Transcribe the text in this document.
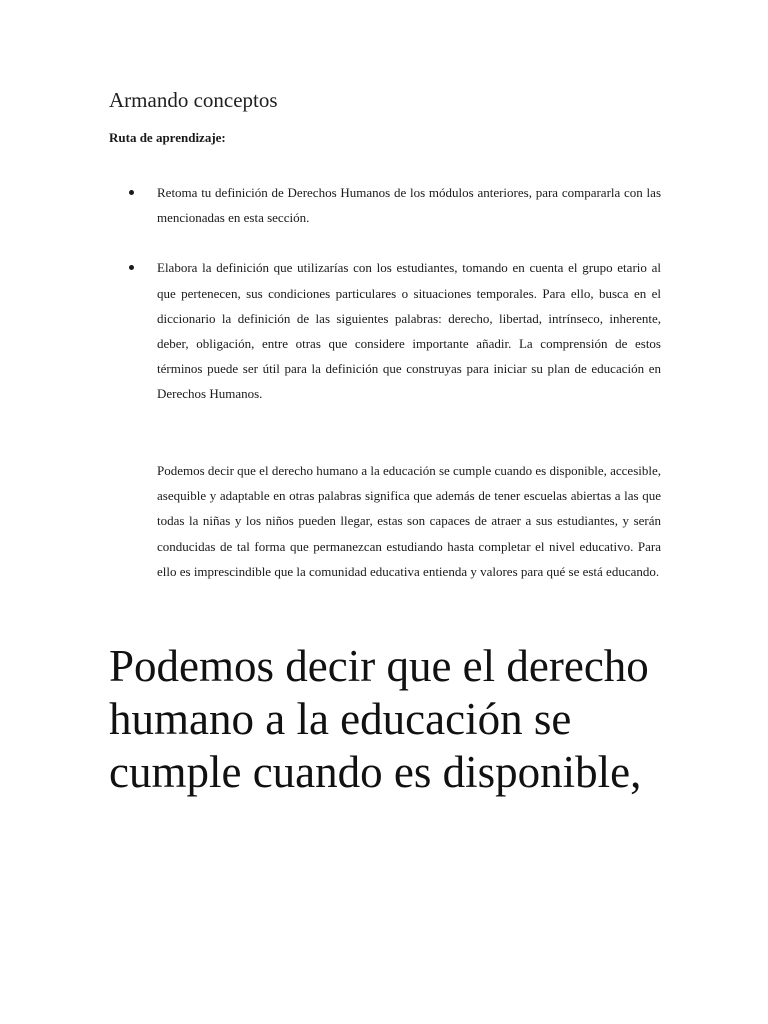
Armando conceptos

Ruta de aprendizaje:

Retoma tu definición de Derechos Humanos de los módulos anteriores, para compararla con las mencionadas en esta sección.
Elabora la definición que utilizarías con los estudiantes, tomando en cuenta el grupo etario al que pertenecen, sus condiciones particulares o situaciones temporales. Para ello, busca en el diccionario la definición de las siguientes palabras: derecho, libertad, intrínseco, inherente, deber, obligación, entre otras que considere importante añadir. La comprensión de estos términos puede ser útil para la definición que construyas para iniciar su plan de educación en Derechos Humanos.

Podemos decir que el derecho humano a la educación se cumple cuando es disponible, accesible, asequible y adaptable en otras palabras significa que además de tener escuelas abiertas a las que todas la niñas y los niños pueden llegar, estas son capaces de atraer a sus estudiantes, y serán conducidas de tal forma que permanezcan estudiando hasta completar el nivel educativo. Para ello es imprescindible que la comunidad educativa entienda y valores para qué se está educando.

Podemos decir que el derecho humano a la educación se cumple cuando es disponible,
